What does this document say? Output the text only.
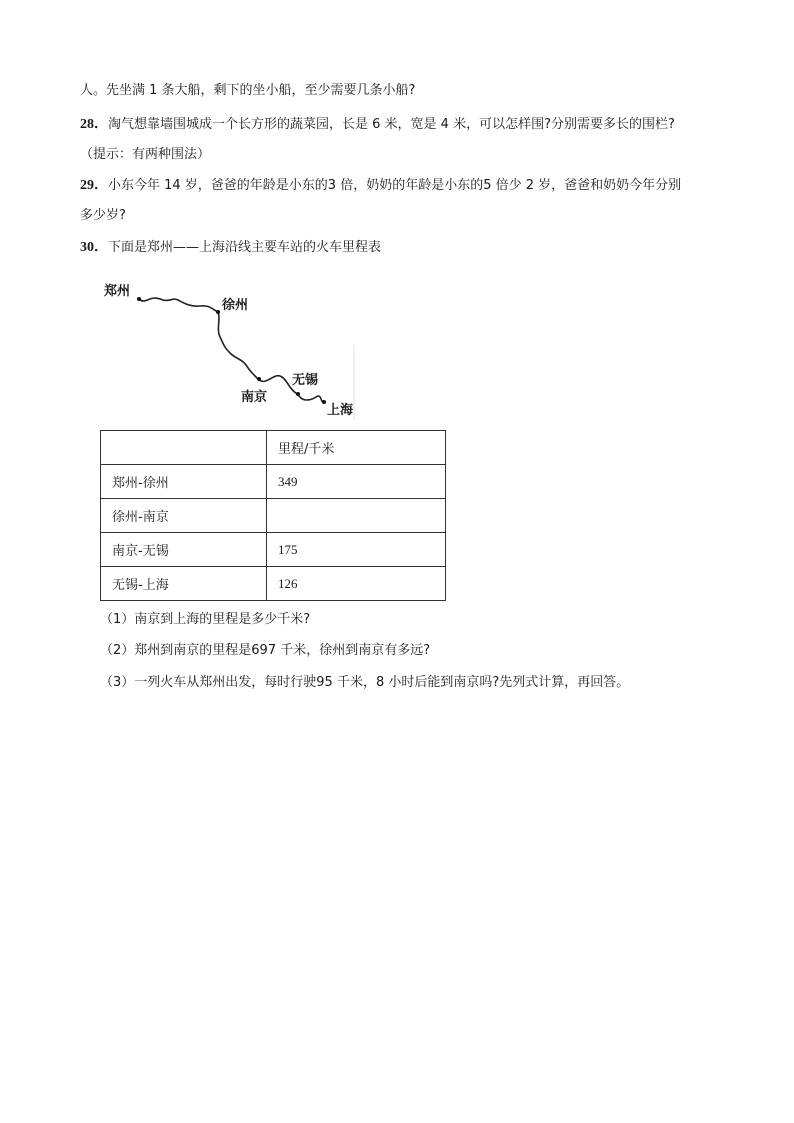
人。先坐满 1 条大船，剩下的坐小船，至少需要几条小船?
28．淘气想靠墙围城成一个长方形的蔬菜园，长是 6 米，宽是 4 米，可以怎样围?分别需要多长的围栏?
（提示：有两种围法）
29．小东今年 14 岁，爸爸的年龄是小东的3 倍，奶奶的年龄是小东的5 倍少 2 岁，爸爸和奶奶今年分别
多少岁?
30．下面是郑州——上海沿线主要车站的火车里程表
郑州
徐州
南京
无锡
上海
	里程/千米
郑州-徐州	349
徐州-南京	
南京-无锡	175
无锡-上海	126
（1）南京到上海的里程是多少千米?
（2）郑州到南京的里程是697 千米，徐州到南京有多远?
（3）一列火车从郑州出发，每时行驶95 千米，8 小时后能到南京吗?先列式计算，再回答。
